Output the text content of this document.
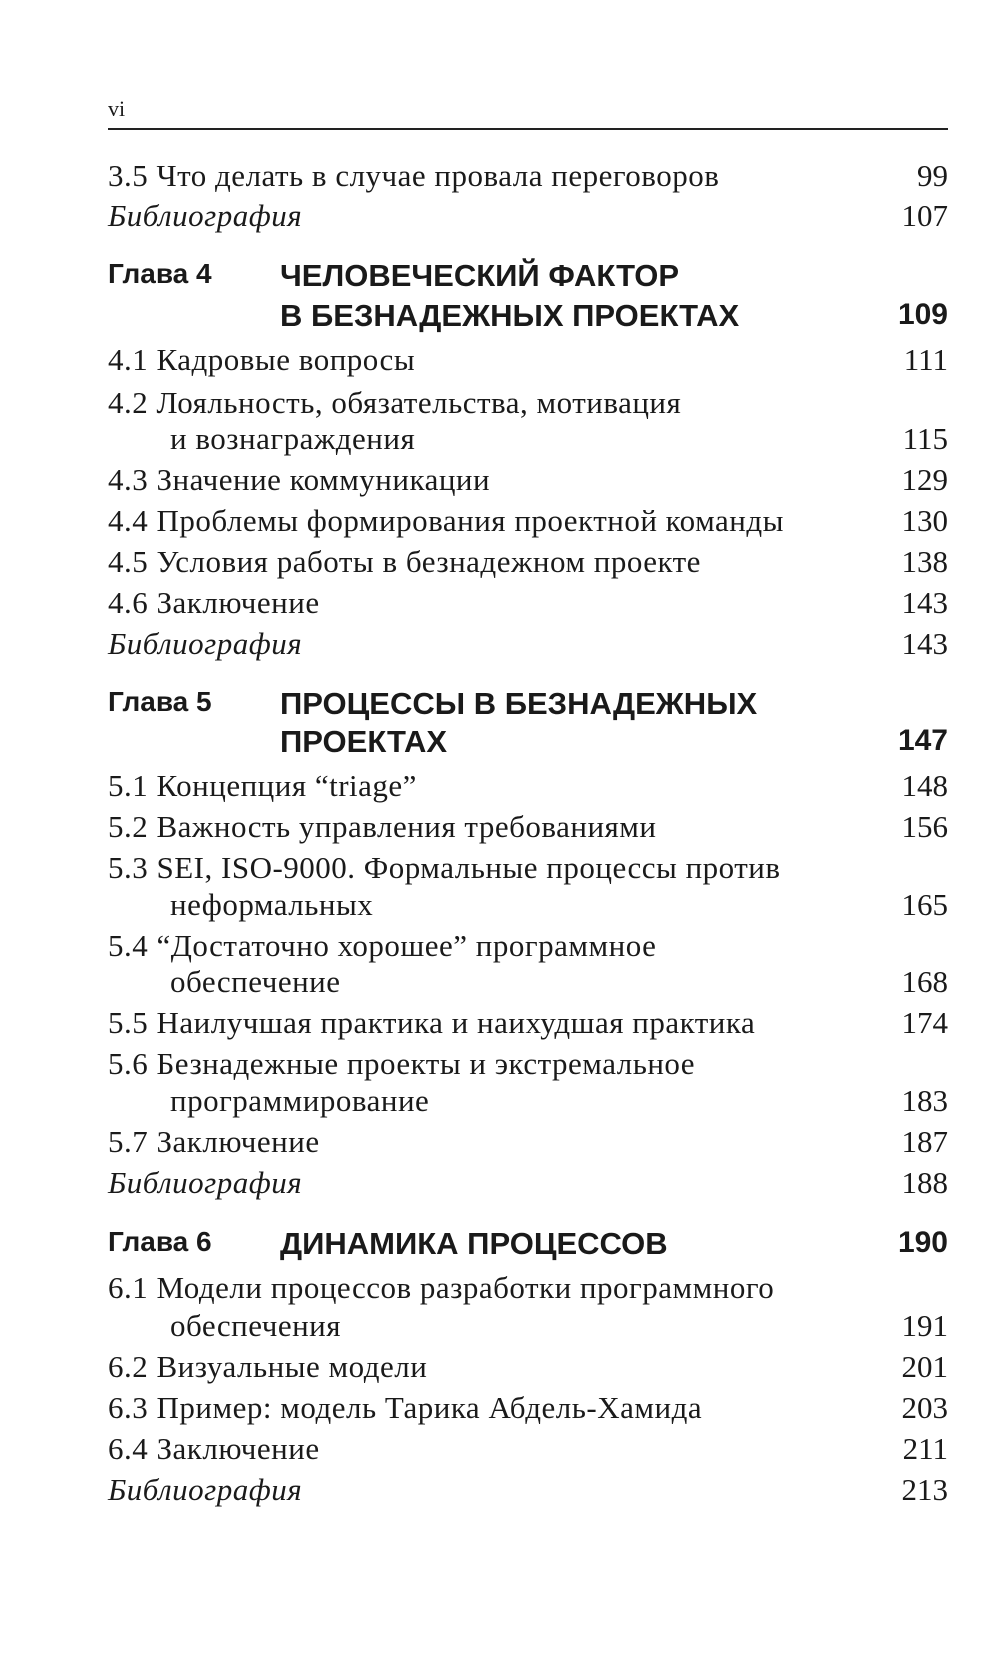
vi
3.5 Что делать в случае провала переговоров	99
Библиография	107
Глава 4 ЧЕЛОВЕЧЕСКИЙ ФАКТОР
В БЕЗНАДЕЖНЫХ ПРОЕКТАХ	109
4.1 Кадровые вопросы	111
4.2 Лояльность, обязательства, мотивация
и вознаграждения	115
4.3 Значение коммуникации	129
4.4 Проблемы формирования проектной команды	130
4.5 Условия работы в безнадежном проекте	138
4.6 Заключение	143
Библиография	143
Глава 5 ПРОЦЕССЫ В БЕЗНАДЕЖНЫХ
ПРОЕКТАХ	147
5.1 Концепция “triage”	148
5.2 Важность управления требованиями	156
5.3 SEI, ISO-9000. Формальные процессы против
неформальных	165
5.4 “Достаточно хорошее” программное
обеспечение	168
5.5 Наилучшая практика и наихудшая практика	174
5.6 Безнадежные проекты и экстремальное
программирование	183
5.7 Заключение	187
Библиография	188
Глава 6 ДИНАМИКА ПРОЦЕССОВ	190
6.1 Модели процессов разработки программного
обеспечения	191
6.2 Визуальные модели	201
6.3 Пример: модель Тарика Абдель-Хамида	203
6.4 Заключение	211
Библиография	213
